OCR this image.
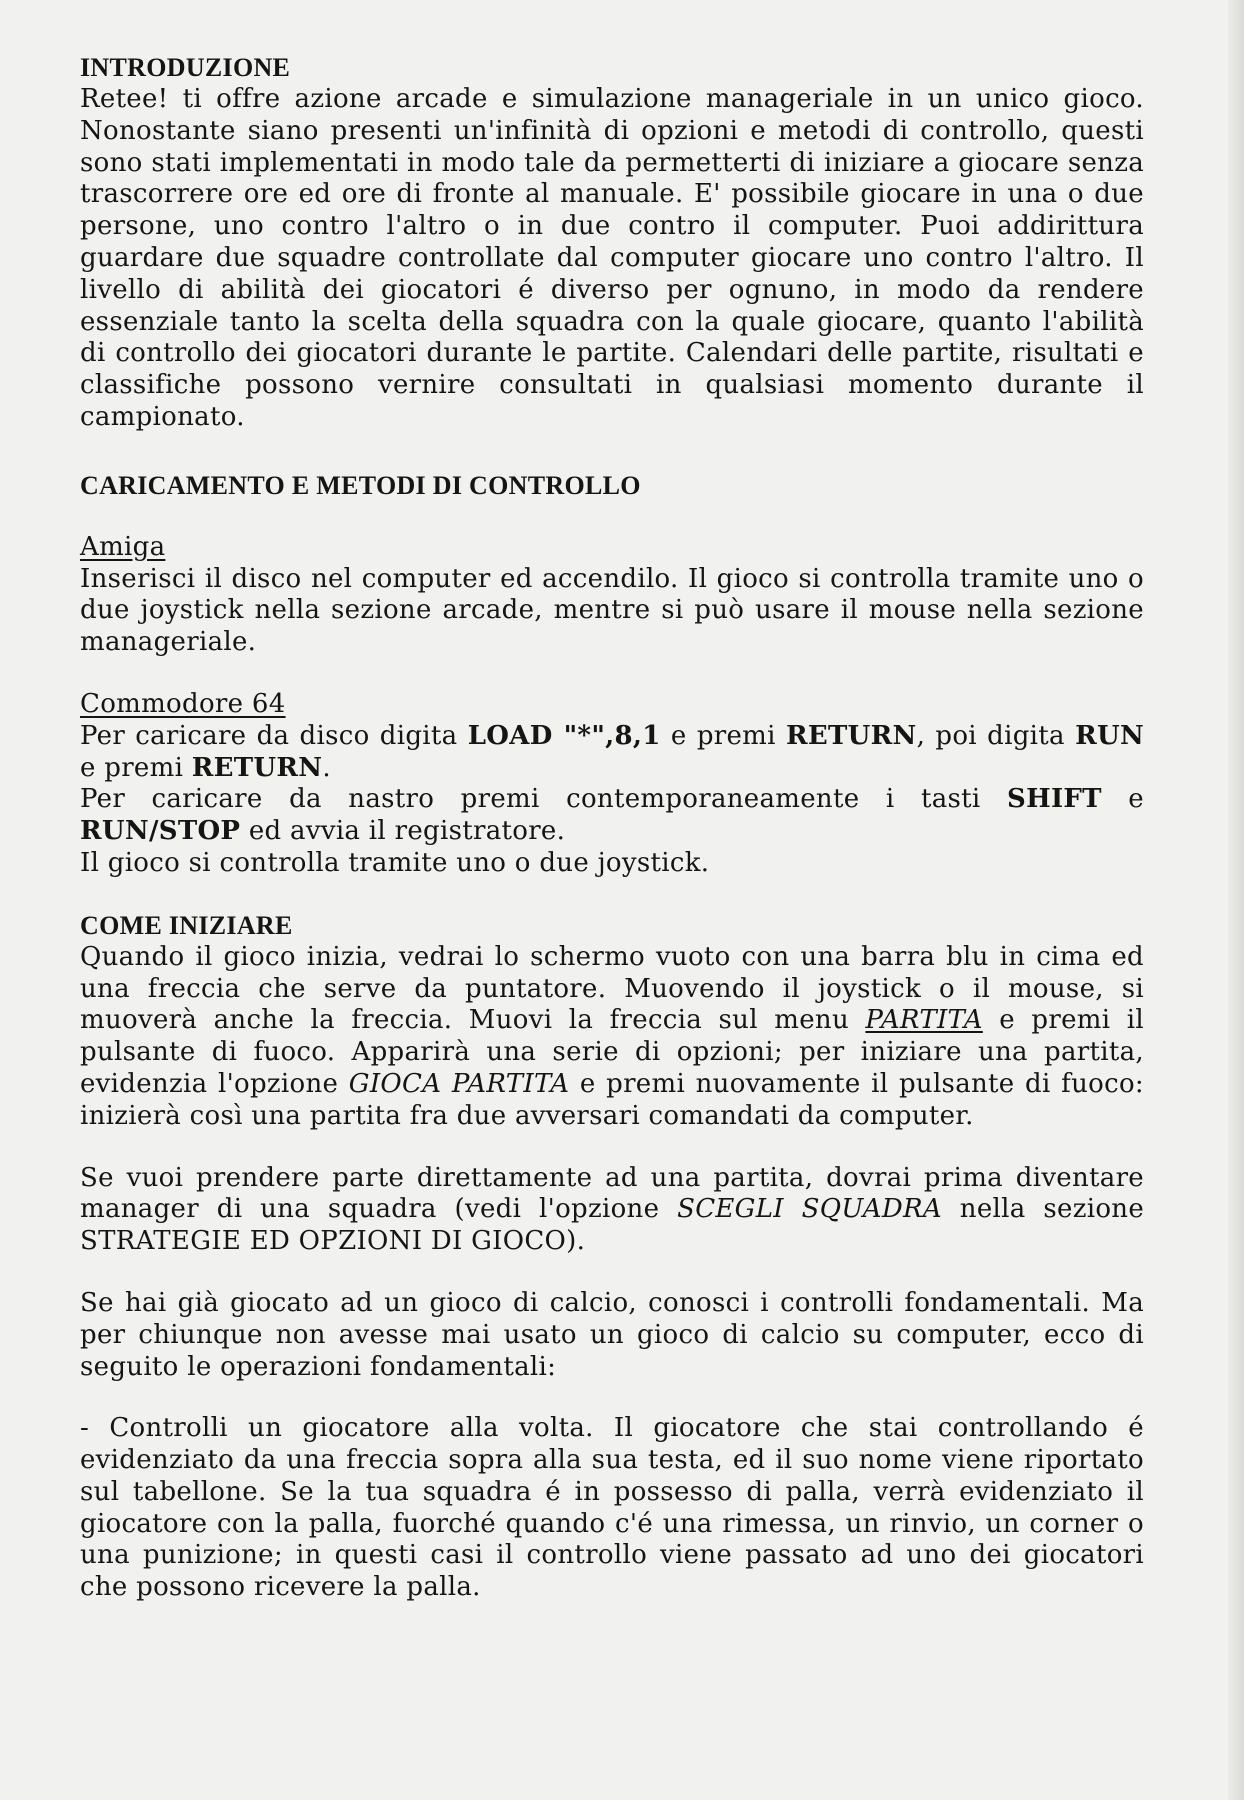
INTRODUZIONE

Retee! ti offre azione arcade e simulazione manageriale in un unico gioco. Nonostante siano presenti un'infinità di opzioni e metodi di controllo, questi sono stati implementati in modo tale da permetterti di iniziare a giocare senza trascorrere ore ed ore di fronte al manuale. E' possibile giocare in una o due persone, uno contro l'altro o in due contro il computer. Puoi addirittura guardare due squadre controllate dal computer giocare uno contro l'altro. Il livello di abilità dei giocatori é diverso per ognuno, in modo da rendere essenziale tanto la scelta della squadra con la quale giocare, quanto l'abilità di controllo dei giocatori durante le partite. Calendari delle partite, risultati e classifiche possono vernire consultati in qualsiasi momento durante il campionato.

CARICAMENTO E METODI DI CONTROLLO
Amiga

Inserisci il disco nel computer ed accendilo. Il gioco si controlla tramite uno o due joystick nella sezione arcade, mentre si può usare il mouse nella sezione manageriale.

Commodore 64

Per caricare da disco digita LOAD "*",8,1 e premi RETURN, poi digita RUN e premi RETURN.

Per caricare da nastro premi contemporaneamente i tasti SHIFT e RUN/STOP ed avvia il registratore.

Il gioco si controlla tramite uno o due joystick.

COME INIZIARE

Quando il gioco inizia, vedrai lo schermo vuoto con una barra blu in cima ed una freccia che serve da puntatore. Muovendo il joystick o il mouse, si muoverà anche la freccia. Muovi la freccia sul menu PARTITA e premi il pulsante di fuoco. Apparirà una serie di opzioni; per iniziare una partita, evidenzia l'opzione GIOCA PARTITA e premi nuovamente il pulsante di fuoco: inizierà così una partita fra due avversari comandati da computer.

Se vuoi prendere parte direttamente ad una partita, dovrai prima diventare manager di una squadra (vedi l'opzione SCEGLI SQUADRA nella sezione STRATEGIE ED OPZIONI DI GIOCO).

Se hai già giocato ad un gioco di calcio, conosci i controlli fondamentali. Ma per chiunque non avesse mai usato un gioco di calcio su computer, ecco di seguito le operazioni fondamentali:

- Controlli un giocatore alla volta. Il giocatore che stai controllando é evidenziato da una freccia sopra alla sua testa, ed il suo nome viene riportato sul tabellone. Se la tua squadra é in possesso di palla, verrà evidenziato il giocatore con la palla, fuorché quando c'é una rimessa, un rinvio, un corner o una punizione; in questi casi il controllo viene passato ad uno dei giocatori che possono ricevere la palla.
